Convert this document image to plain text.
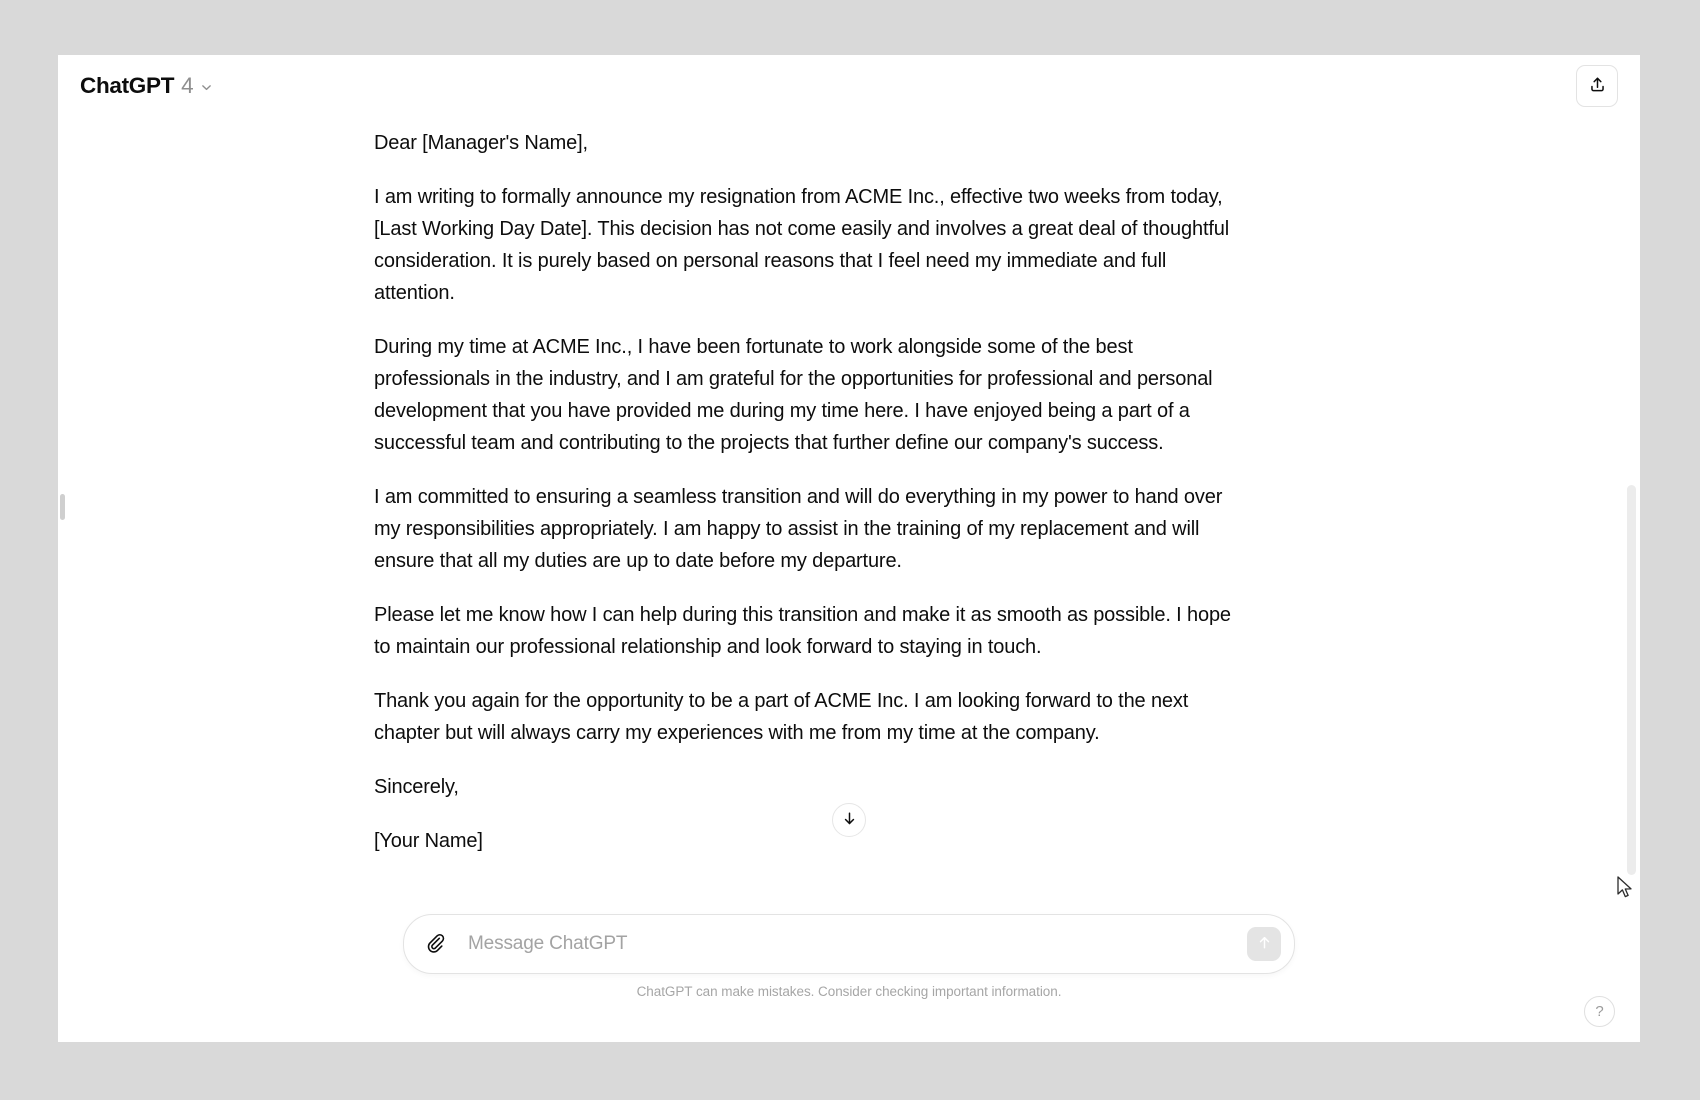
ChatGPT 4

Dear [Manager's Name],

I am writing to formally announce my resignation from ACME Inc., effective two weeks from today, [Last Working Day Date]. This decision has not come easily and involves a great deal of thoughtful consideration. It is purely based on personal reasons that I feel need my immediate and full attention.

During my time at ACME Inc., I have been fortunate to work alongside some of the best professionals in the industry, and I am grateful for the opportunities for professional and personal development that you have provided me during my time here. I have enjoyed being a part of a successful team and contributing to the projects that further define our company's success.

I am committed to ensuring a seamless transition and will do everything in my power to hand over my responsibilities appropriately. I am happy to assist in the training of my replacement and will ensure that all my duties are up to date before my departure.

Please let me know how I can help during this transition and make it as smooth as possible. I hope to maintain our professional relationship and look forward to staying in touch.

Thank you again for the opportunity to be a part of ACME Inc. I am looking forward to the next chapter but will always carry my experiences with me from my time at the company.

Sincerely,

[Your Name]

Message ChatGPT
ChatGPT can make mistakes. Consider checking important information.
?
